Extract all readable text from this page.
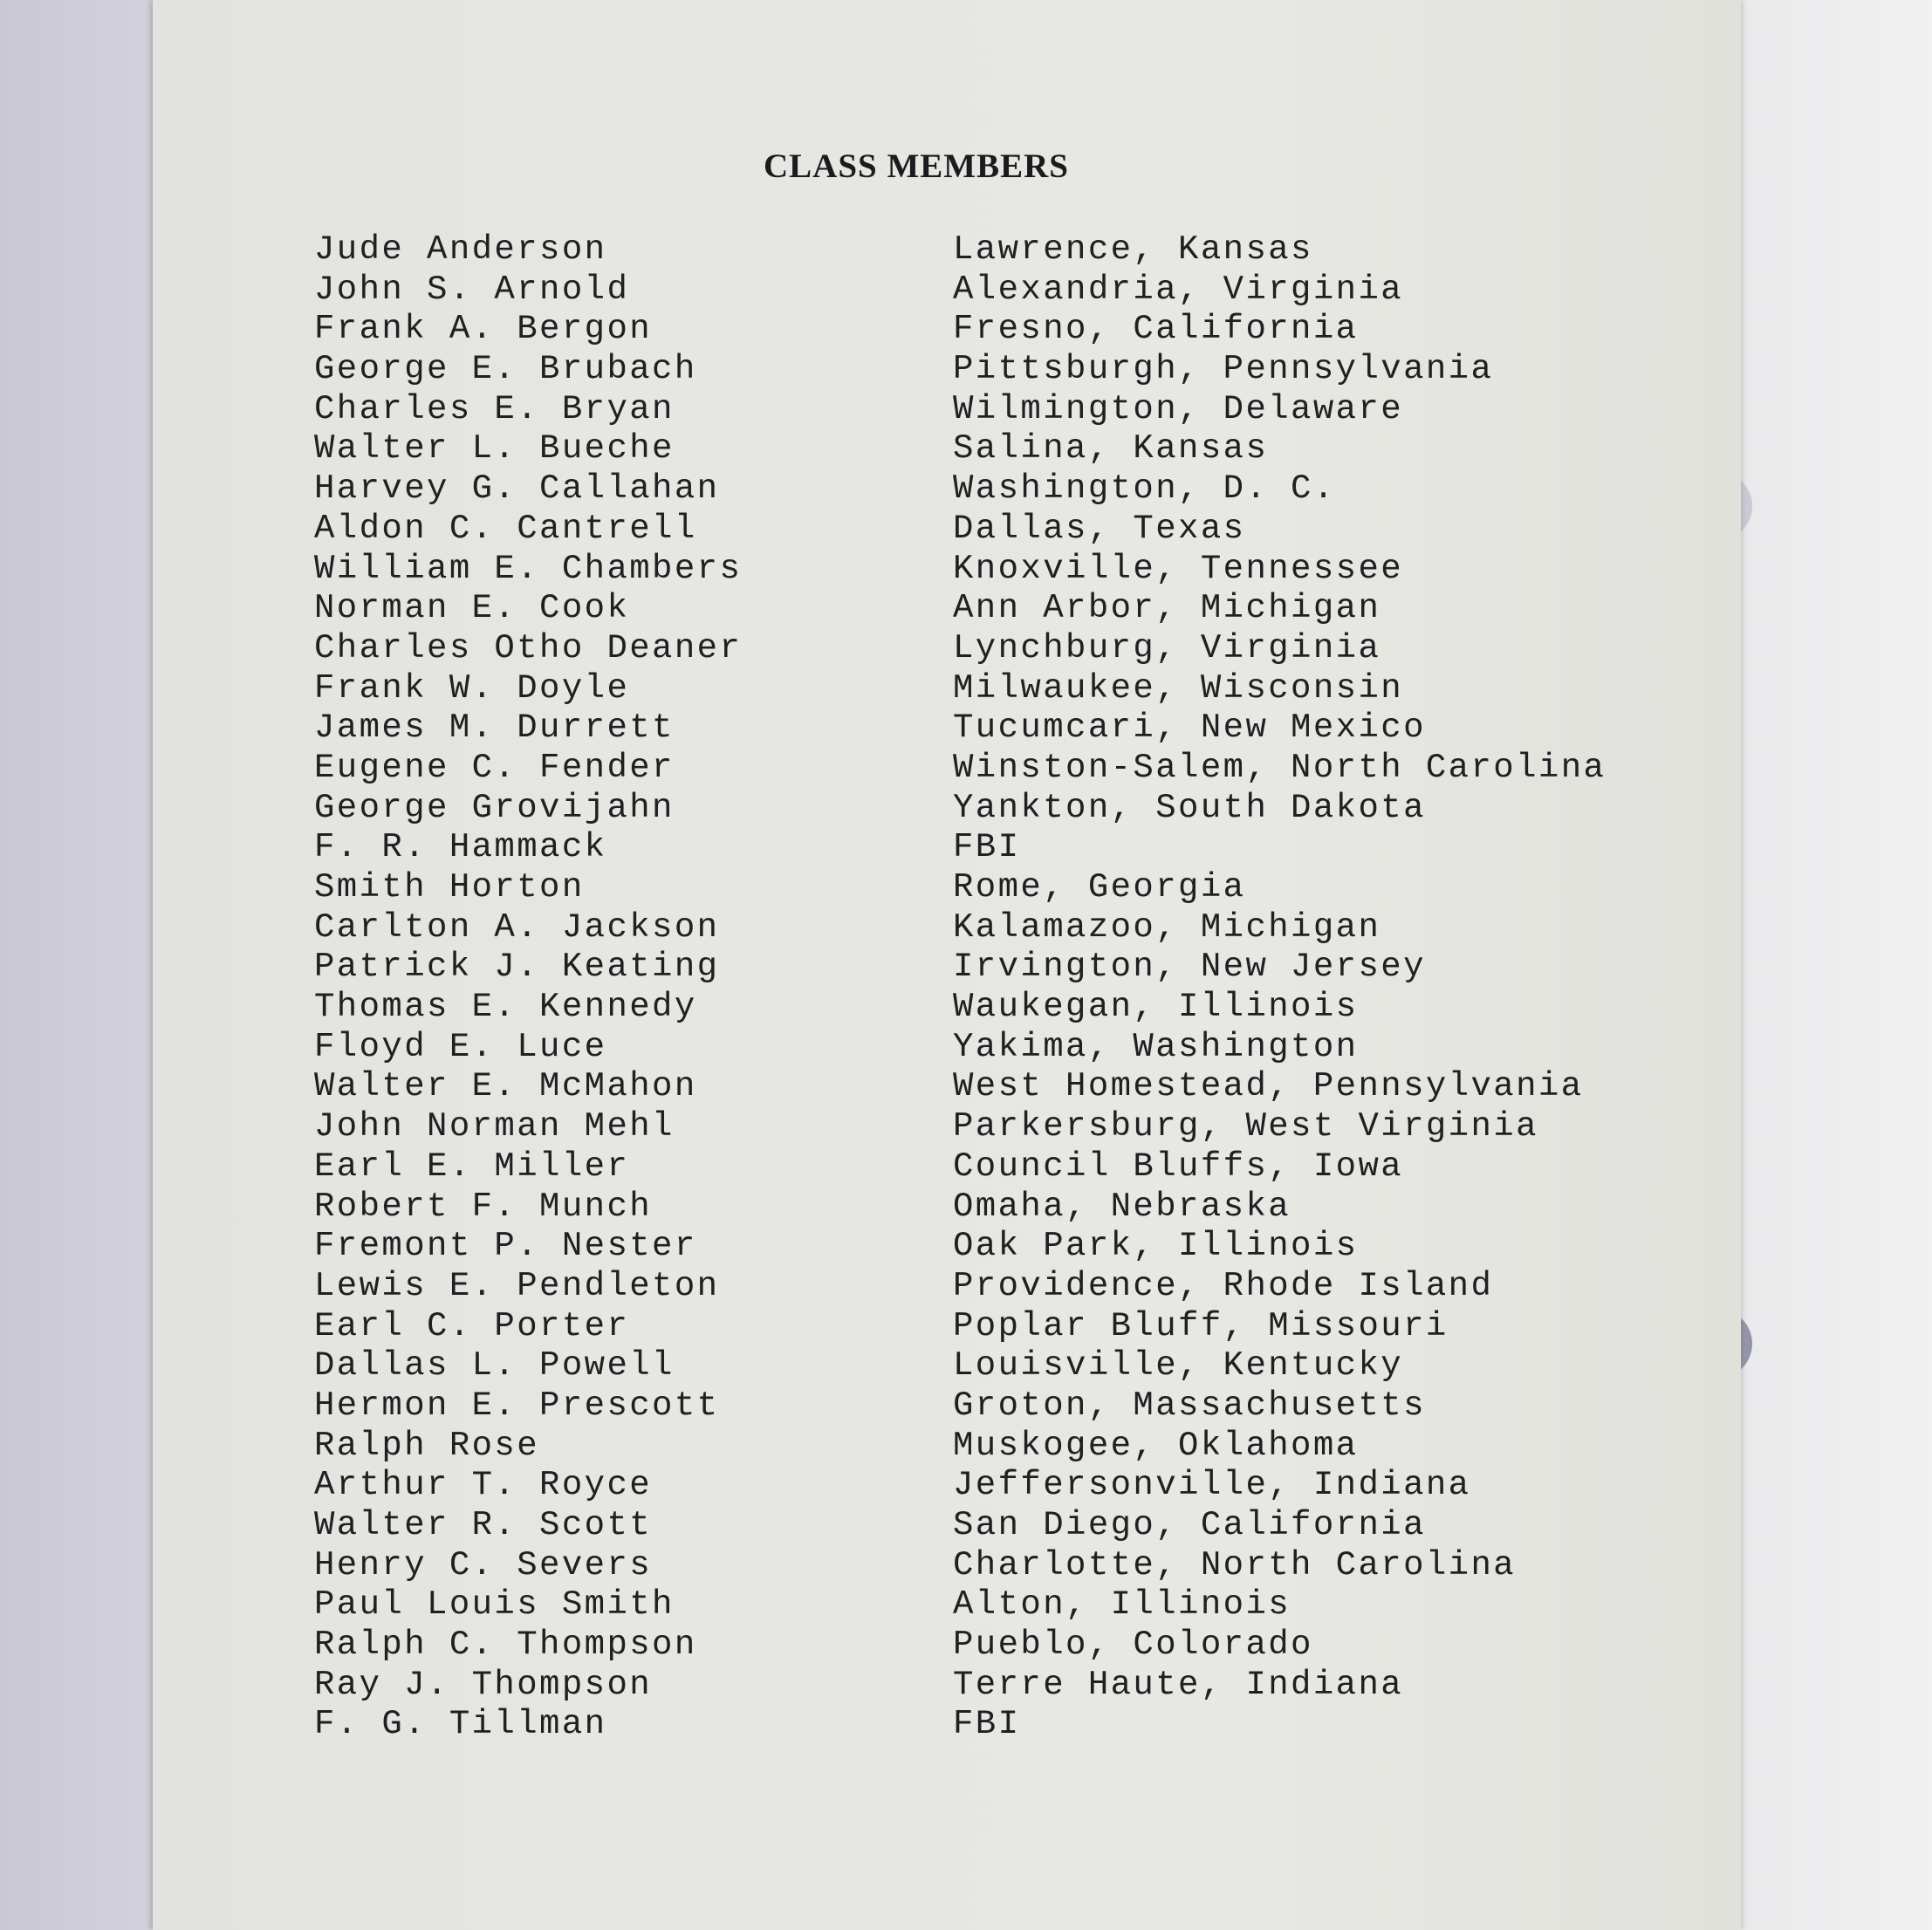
CLASS MEMBERS
Jude Anderson	Lawrence, Kansas
John S. Arnold	Alexandria, Virginia
Frank A. Bergon	Fresno, California
George E. Brubach	Pittsburgh, Pennsylvania
Charles E. Bryan	Wilmington, Delaware
Walter L. Bueche	Salina, Kansas
Harvey G. Callahan	Washington, D. C.
Aldon C. Cantrell	Dallas, Texas
William E. Chambers	Knoxville, Tennessee
Norman E. Cook	Ann Arbor, Michigan
Charles Otho Deaner	Lynchburg, Virginia
Frank W. Doyle	Milwaukee, Wisconsin
James M. Durrett	Tucumcari, New Mexico
Eugene C. Fender	Winston-Salem, North Carolina
George Grovijahn	Yankton, South Dakota
F. R. Hammack	FBI
Smith Horton	Rome, Georgia
Carlton A. Jackson	Kalamazoo, Michigan
Patrick J. Keating	Irvington, New Jersey
Thomas E. Kennedy	Waukegan, Illinois
Floyd E. Luce	Yakima, Washington
Walter E. McMahon	West Homestead, Pennsylvania
John Norman Mehl	Parkersburg, West Virginia
Earl E. Miller	Council Bluffs, Iowa
Robert F. Munch	Omaha, Nebraska
Fremont P. Nester	Oak Park, Illinois
Lewis E. Pendleton	Providence, Rhode Island
Earl C. Porter	Poplar Bluff, Missouri
Dallas L. Powell	Louisville, Kentucky
Hermon E. Prescott	Groton, Massachusetts
Ralph Rose	Muskogee, Oklahoma
Arthur T. Royce	Jeffersonville, Indiana
Walter R. Scott	San Diego, California
Henry C. Severs	Charlotte, North Carolina
Paul Louis Smith	Alton, Illinois
Ralph C. Thompson	Pueblo, Colorado
Ray J. Thompson	Terre Haute, Indiana
F. G. Tillman	FBI
